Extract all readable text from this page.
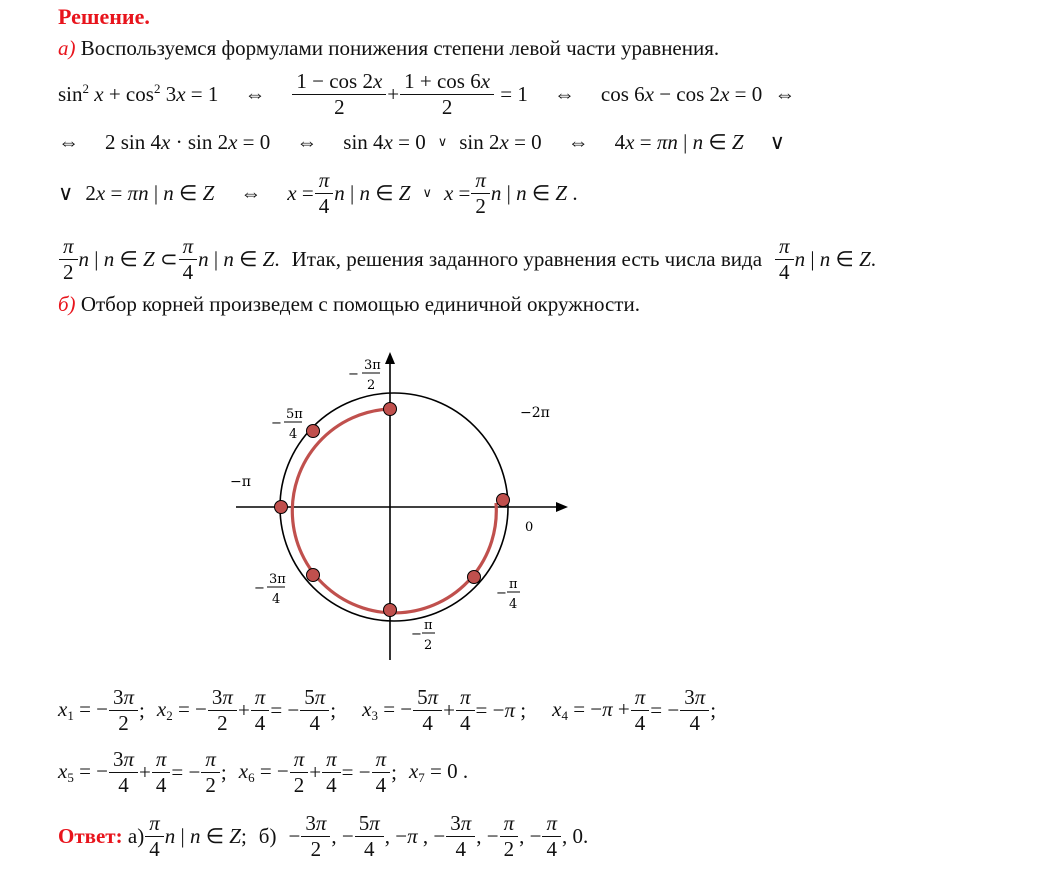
Решение.
а) Воспользуемся формулами понижения степени левой части уравнения.
$\sin^2 x + \cos^2 3x = 1$ ⇔ $\frac{1 - \cos 2x}{2} + \frac{1 + \cos 6x}{2} = 1$ ⇔ cos 6x − cos 2x = 0 ⇔
⇔ 2 sin 4x · sin 2x = 0 ⇔ sin 4x = 0 ∨ sin 2x = 0 ⇔ 4x = πn | n ∈ Z ∨
∨ 2x = πn | n ∈ Z ⇔ $x = \frac{\pi}{4}$ n | n ∈ Z ∨ $x = \frac{\pi}{2}$ n | n ∈ Z .
$\frac{\pi}{2}$ n | n ∈ Z ⊂ $\frac{\pi}{4}$ n | n ∈ Z. Итак, решения заданного уравнения есть числа вида $\frac{\pi}{4}$ n | n ∈ Z.
б) Отбор корней произведем с помощью единичной окружности.
−
3π
2
−
5π
4
−2π
−π
0
−
3π
4	−
π
4
−
π
2
$x_1$ = − $\frac{3\pi}{2}$ ; $x_2$ = − $\frac{3\pi}{2} + \frac{\pi}{4}$ = − $\frac{5\pi}{4}$ ; $x_3$ = − $\frac{5\pi}{4} + \frac{\pi}{4} = -\pi$ ; $x_4 = -\pi + \frac{\pi}{4}$ = − $\frac{3\pi}{4}$ ;
$x_5$ = − $\frac{3\pi}{4} + \frac{\pi}{4}$ = − $\frac{\pi}{2}$ ; $x_6$ = − $\frac{\pi}{2} + \frac{\pi}{4}$ = − $\frac{\pi}{4}$ ; $x_7 = 0$ .
Ответ:
$а) \frac{\pi}{4}$ n | n ∈ Z; $б) - \frac{3\pi}{2}$ , − $\frac{5\pi}{4}$ , −π , − $\frac{3\pi}{4}$ , − $\frac{\pi}{2}$ , − $\frac{\pi}{4}$ , 0.
